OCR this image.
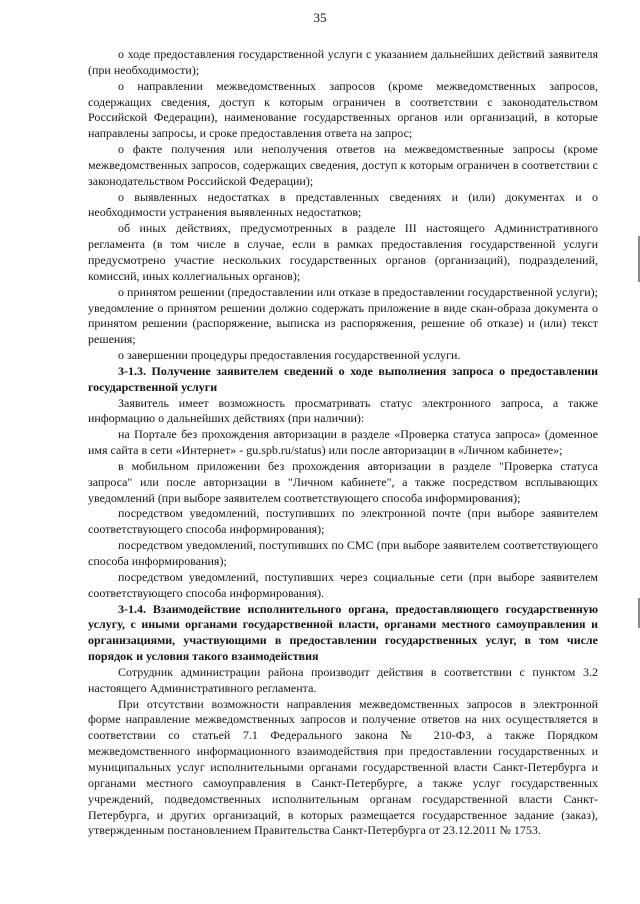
35

о ходе предоставления государственной услуги с указанием дальнейших действий заявителя (при необходимости);

о направлении межведомственных запросов (кроме межведомственных запросов, содержащих сведения, доступ к которым ограничен в соответствии с законодательством Российской Федерации), наименование государственных органов или организаций, в которые направлены запросы, и сроке предоставления ответа на запрос;

о факте получения или неполучения ответов на межведомственные запросы (кроме межведомственных запросов, содержащих сведения, доступ к которым ограничен в соответствии с законодательством Российской Федерации);

о выявленных недостатках в представленных сведениях и (или) документах и о необходимости устранения выявленных недостатков;

об иных действиях, предусмотренных в разделе III настоящего Административного регламента (в том числе в случае, если в рамках предоставления государственной услуги предусмотрено участие нескольких государственных органов (организаций), подразделений, комиссий, иных коллегиальных органов);

о принятом решении (предоставлении или отказе в предоставлении государственной услуги); уведомление о принятом решении должно содержать приложение в виде скан-образа документа о принятом решении (распоряжение, выписка из распоряжения, решение об отказе) и (или) текст решения;

о завершении процедуры предоставления государственной услуги.

3-1.3. Получение заявителем сведений о ходе выполнения запроса о предоставлении государственной услуги

Заявитель имеет возможность просматривать статус электронного запроса, а также информацию о дальнейших действиях (при наличии):

на Портале без прохождения авторизации в разделе «Проверка статуса запроса» (доменное имя сайта в сети «Интернет» - gu.spb.ru/status) или после авторизации в «Личном кабинете»;

в мобильном приложении без прохождения авторизации в разделе "Проверка статуса запроса" или после авторизации в "Личном кабинете", а также посредством всплывающих уведомлений (при выборе заявителем соответствующего способа информирования);

посредством уведомлений, поступивших по электронной почте (при выборе заявителем соответствующего способа информирования);

посредством уведомлений, поступивших по СМС (при выборе заявителем соответствующего способа информирования);

посредством уведомлений, поступивших через социальные сети (при выборе заявителем соответствующего способа информирования).

3-1.4. Взаимодействие исполнительного органа, предоставляющего государственную услугу, с иными органами государственной власти, органами местного самоуправления и организациями, участвующими в предоставлении государственных услуг, в том числе порядок и условия такого взаимодействия

Сотрудник администрации района производит действия в соответствии с пунктом 3.2 настоящего Административного регламента.

При отсутствии возможности направления межведомственных запросов в электронной форме направление межведомственных запросов и получение ответов на них осуществляется в соответствии со статьей 7.1 Федерального закона № 210-ФЗ, а также Порядком межведомственного информационного взаимодействия при предоставлении государственных и муниципальных услуг исполнительными органами государственной власти Санкт-Петербурга и органами местного самоуправления в Санкт-Петербурге, а также услуг государственных учреждений, подведомственных исполнительным органам государственной власти Санкт-Петербурга, и других организаций, в которых размещается государственное задание (заказ), утвержденным постановлением Правительства Санкт-Петербурга от 23.12.2011 № 1753.
